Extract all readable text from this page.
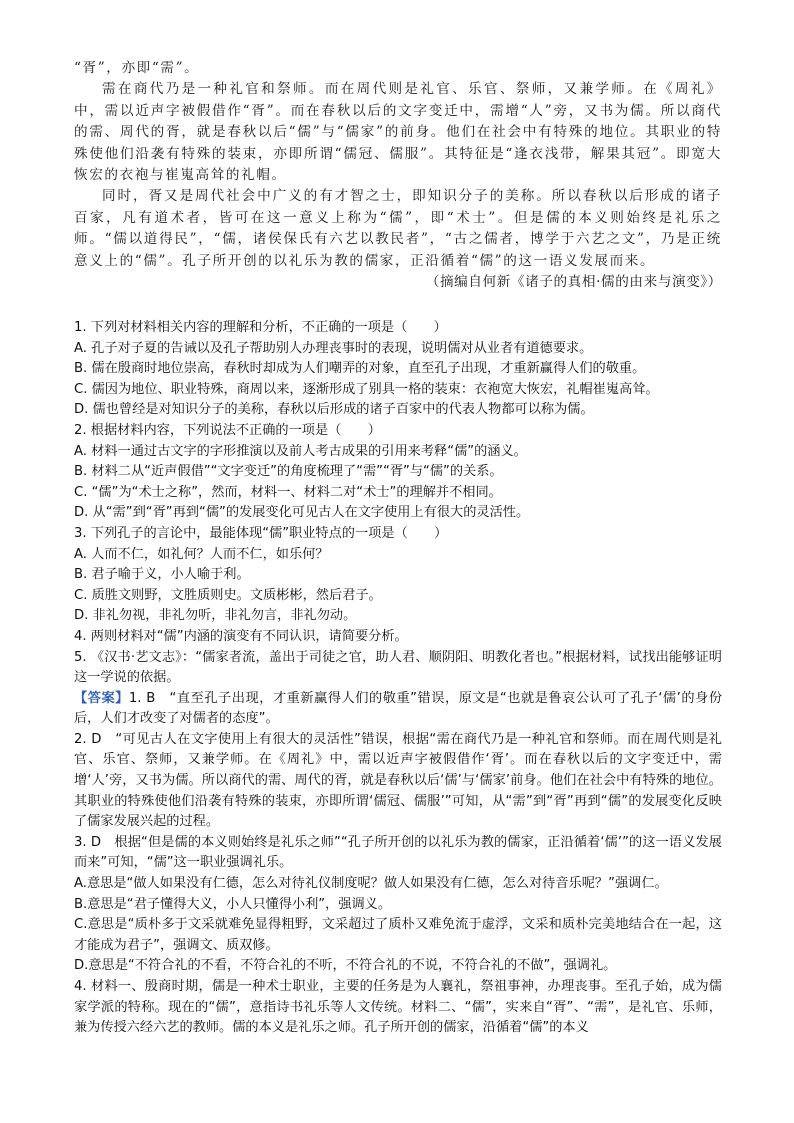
“胥”，亦即“需”。

需在商代乃是一种礼官和祭师。而在周代则是礼官、乐官、祭师，又兼学师。在《周礼》中，需以近声字被假借作“胥”。而在春秋以后的文字变迁中，需增“人”旁，又书为儒。所以商代的需、周代的胥，就是春秋以后“儒”与“儒家”的前身。他们在社会中有特殊的地位。其职业的特殊使他们沿袭有特殊的装束，亦即所谓“儒冠、儒服”。其特征是“逢衣浅带，解果其冠”。即宽大恢宏的衣袍与崔嵬高耸的礼帽。

同时，胥又是周代社会中广义的有才智之士，即知识分子的美称。所以春秋以后形成的诸子百家，凡有道术者，皆可在这一意义上称为“儒”，即“术士”。但是儒的本义则始终是礼乐之师。“儒以道得民”，“儒，诸侯保氏有六艺以教民者”，“古之儒者，博学于六艺之文”，乃是正统意义上的“儒”。孔子所开创的以礼乐为教的儒家，正沿循着“儒”的这一语义发展而来。

（摘编自何新《诸子的真相·儒的由来与演变》）

1. 下列对材料相关内容的理解和分析，不正确的一项是（　　）

A. 孔子对子夏的告诫以及孔子帮助别人办理丧事时的表现，说明儒对从业者有道德要求。

B. 儒在殷商时地位崇高，春秋时却成为人们嘲弄的对象，直至孔子出现，才重新赢得人们的敬重。

C. 儒因为地位、职业特殊，商周以来，逐渐形成了别具一格的装束：衣袍宽大恢宏，礼帽崔嵬高耸。

D. 儒也曾经是对知识分子的美称，春秋以后形成的诸子百家中的代表人物都可以称为儒。

2. 根据材料内容，下列说法不正确的一项是（　　）

A. 材料一通过古文字的字形推演以及前人考古成果的引用来考释“儒”的涵义。

B. 材料二从“近声假借”“文字变迁”的角度梳理了“需”“胥”与“儒”的关系。

C. “儒”为“术士之称”，然而，材料一、材料二对“术士”的理解并不相同。

D. 从“需”到“胥”再到“儒”的发展变化可见古人在文字使用上有很大的灵活性。

3. 下列孔子的言论中，最能体现“儒”职业特点的一项是（　　）

A. 人而不仁，如礼何？人而不仁，如乐何？

B. 君子喻于义，小人喻于利。

C. 质胜文则野，文胜质则史。文质彬彬，然后君子。

D. 非礼勿视，非礼勿听，非礼勿言，非礼勿动。

4. 两则材料对“儒”内涵的演变有不同认识，请简要分析。

5. 《汉书·艺文志》：“儒家者流，盖出于司徒之官，助人君、顺阴阳、明教化者也。”根据材料，试找出能够证明这一学说的依据。

【答案】1. B　“直至孔子出现，才重新赢得人们的敬重”错误，原文是“也就是鲁哀公认可了孔子‘儒’的身份后，人们才改变了对儒者的态度”。

2. D　“可见古人在文字使用上有很大的灵活性”错误，根据“需在商代乃是一种礼官和祭师。而在周代则是礼官、乐官、祭师，又兼学师。在《周礼》中，需以近声字被假借作‘胥’。而在春秋以后的文字变迁中，需增‘人’旁，又书为儒。所以商代的需、周代的胥，就是春秋以后‘儒’与‘儒家’前身。他们在社会中有特殊的地位。其职业的特殊使他们沿袭有特殊的装束，亦即所谓‘儒冠、儒服’”可知，从“需”到“胥”再到“儒”的发展变化反映了儒家发展兴起的过程。

3. D　根据“但是儒的本义则始终是礼乐之师”“孔子所开创的以礼乐为教的儒家，正沿循着‘儒’”的这一语义发展而来”可知，“儒”这一职业强调礼乐。

A.意思是“做人如果没有仁德，怎么对待礼仪制度呢？做人如果没有仁德，怎么对待音乐呢？”强调仁。

B.意思是“君子懂得大义，小人只懂得小利”，强调义。

C.意思是“质朴多于文采就难免显得粗野，文采超过了质朴又难免流于虚浮，文采和质朴完美地结合在一起，这才能成为君子”，强调文、质双修。

D.意思是“不符合礼的不看，不符合礼的不听，不符合礼的不说，不符合礼的不做”，强调礼。

4. 材料一、殷商时期，儒是一种术士职业，主要的任务是为人襄礼，祭祖事神，办理丧事。至孔子始，成为儒家学派的特称。现在的“儒”，意指诗书礼乐等人文传统。材料二、“儒”，实来自“胥”、“需”，是礼官、乐师，兼为传授六经六艺的教师。儒的本义是礼乐之师。孔子所开创的儒家，沿循着“儒”的本义
